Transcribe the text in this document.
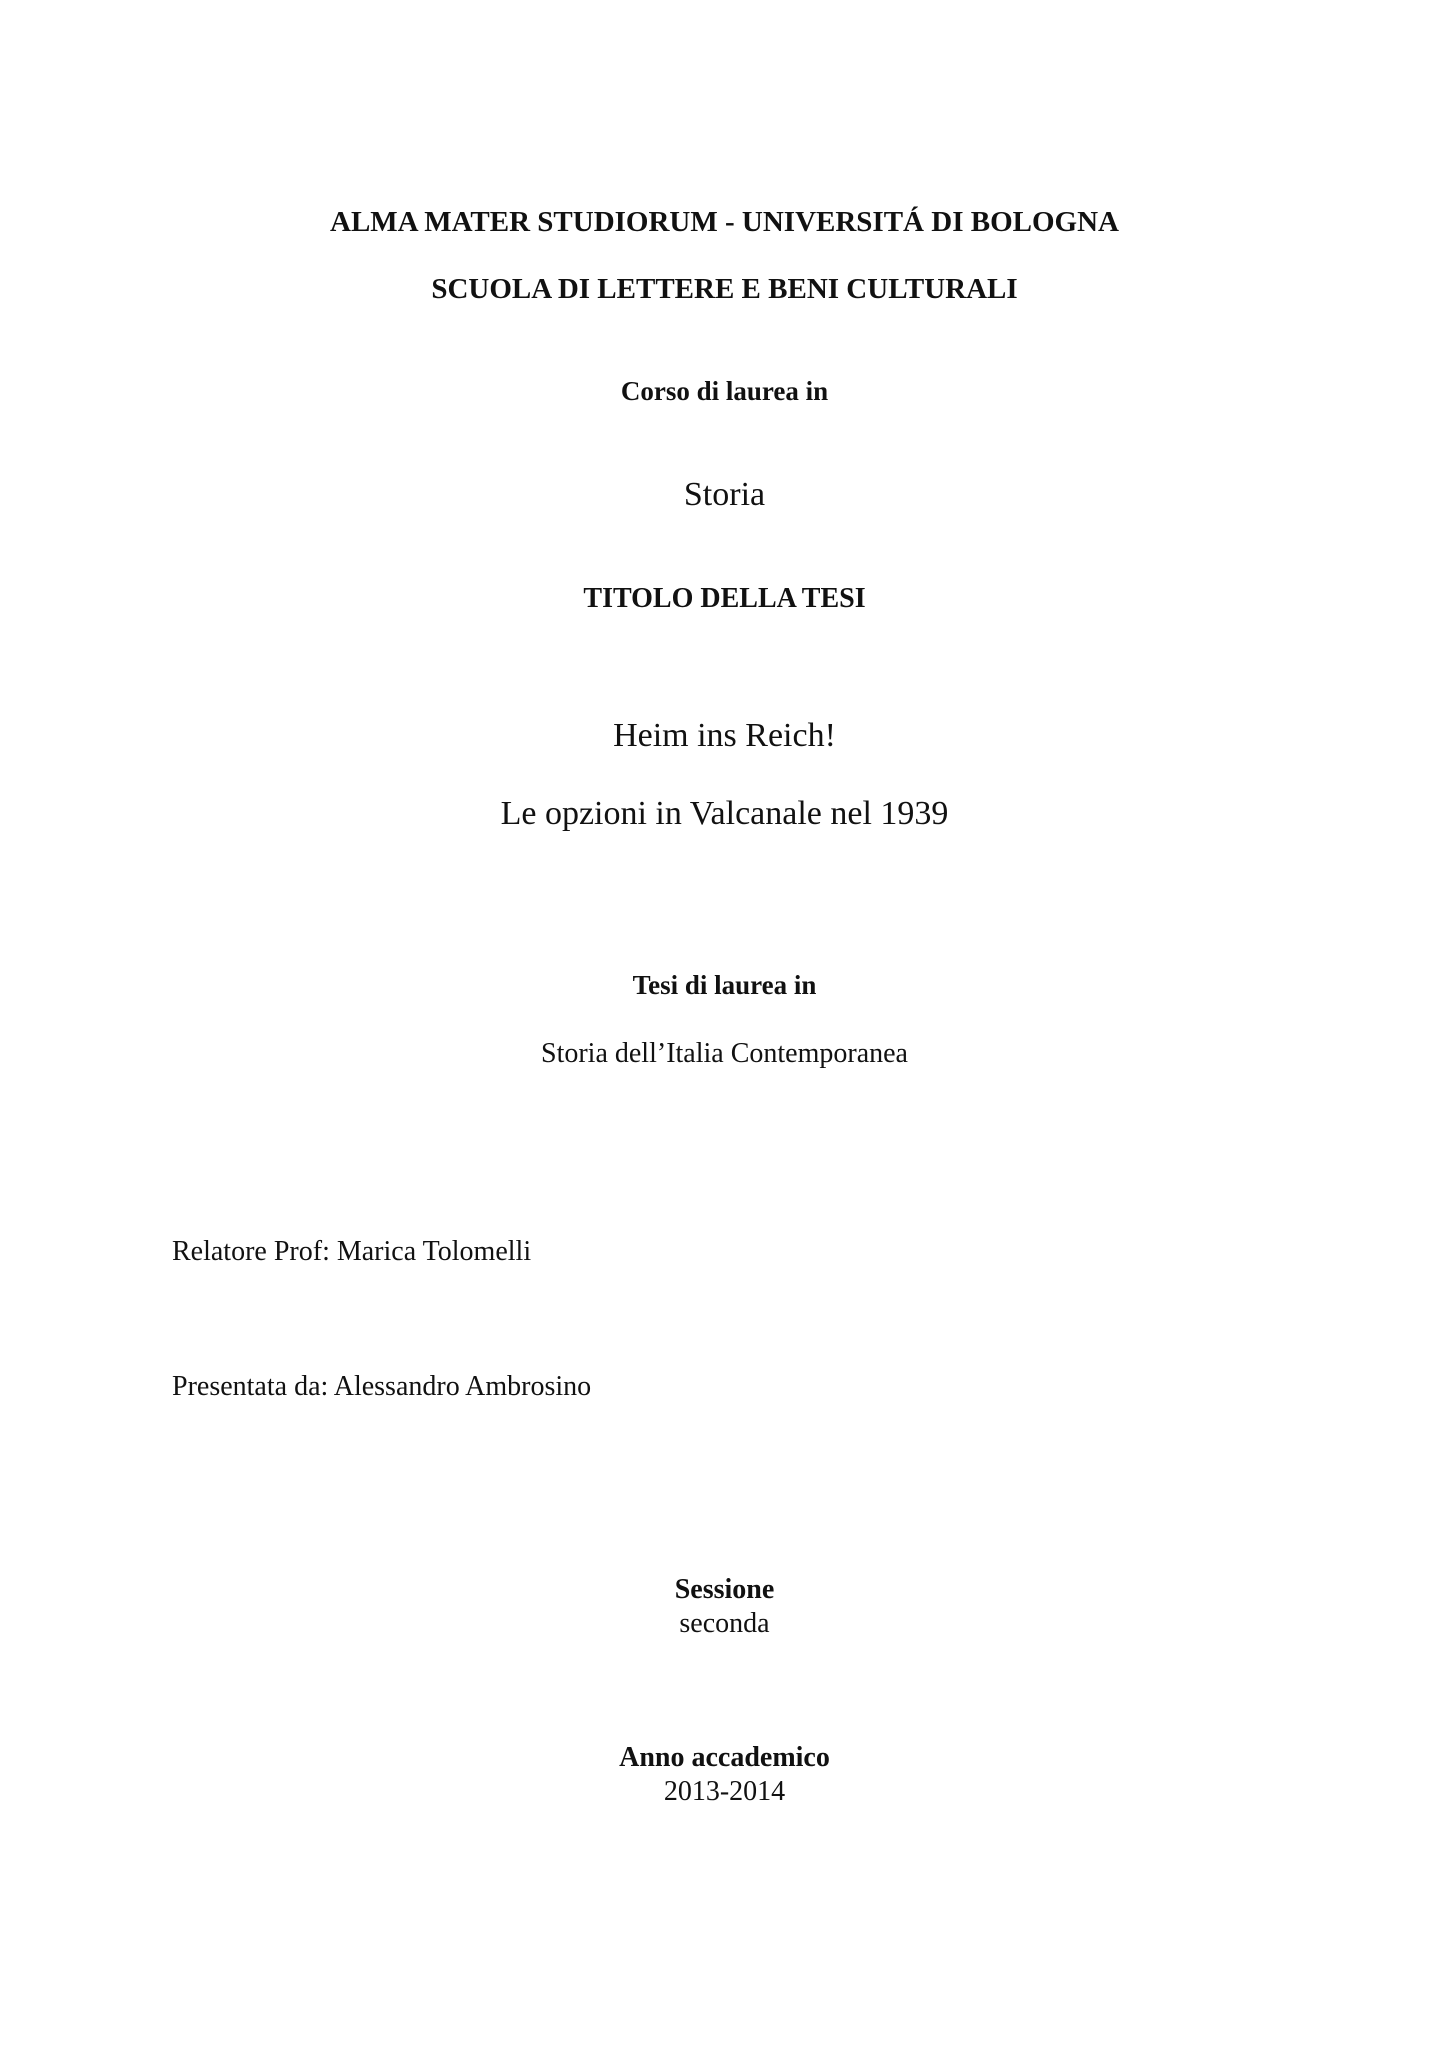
ALMA MATER STUDIORUM - UNIVERSITÁ DI BOLOGNA
SCUOLA DI LETTERE E BENI CULTURALI
Corso di laurea in
Storia
TITOLO DELLA TESI
Heim ins Reich!
Le opzioni in Valcanale nel 1939
Tesi di laurea in
Storia dell’Italia Contemporanea
Relatore Prof: Marica Tolomelli
Presentata da: Alessandro Ambrosino
Sessione
seconda
Anno accademico
2013-2014
